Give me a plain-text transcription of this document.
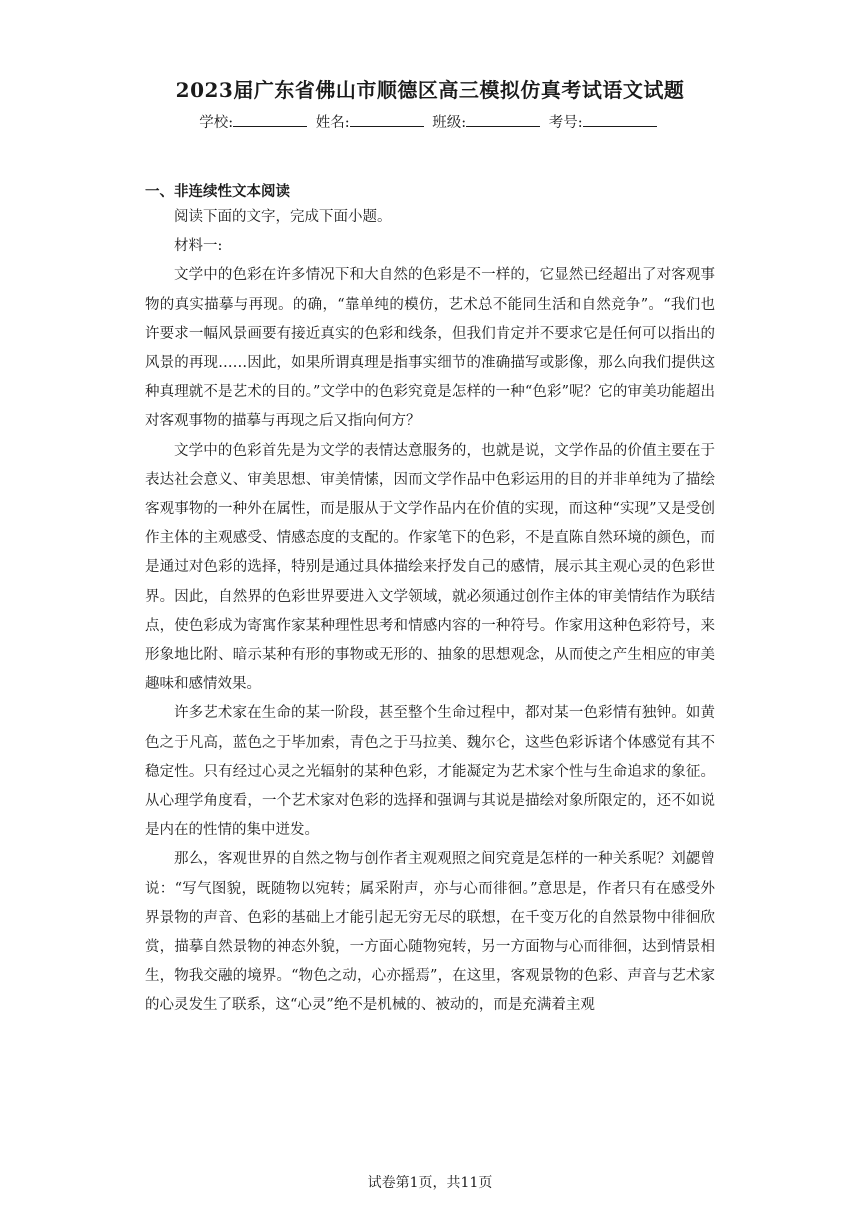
2023届广东省佛山市顺德区高三模拟仿真考试语文试题
学校:	姓名:	班级:	考号:
一、非连续性文本阅读

阅读下面的文字，完成下面小题。

材料一:

文学中的色彩在许多情况下和大自然的色彩是不一样的，它显然已经超出了对客观事物的真实描摹与再现。的确，“靠单纯的模仿，艺术总不能同生活和自然竞争”。“我们也许要求一幅风景画要有接近真实的色彩和线条，但我们肯定并不要求它是任何可以指出的风景的再现……因此，如果所谓真理是指事实细节的准确描写或影像，那么向我们提供这种真理就不是艺术的目的。”文学中的色彩究竟是怎样的一种“色彩”呢？它的审美功能超出对客观事物的描摹与再现之后又指向何方？

文学中的色彩首先是为文学的表情达意服务的，也就是说，文学作品的价值主要在于表达社会意义、审美思想、审美情愫，因而文学作品中色彩运用的目的并非单纯为了描绘客观事物的一种外在属性，而是服从于文学作品内在价值的实现，而这种“实现”又是受创作主体的主观感受、情感态度的支配的。作家笔下的色彩，不是直陈自然环境的颜色，而是通过对色彩的选择，特别是通过具体描绘来抒发自己的感情，展示其主观心灵的色彩世界。因此，自然界的色彩世界要进入文学领域，就必须通过创作主体的审美情结作为联结点，使色彩成为寄寓作家某种理性思考和情感内容的一种符号。作家用这种色彩符号，来形象地比附、暗示某种有形的事物或无形的、抽象的思想观念，从而使之产生相应的审美趣味和感情效果。

许多艺术家在生命的某一阶段，甚至整个生命过程中，都对某一色彩情有独钟。如黄色之于凡高，蓝色之于毕加索，青色之于马拉美、魏尔仑，这些色彩诉诸个体感觉有其不稳定性。只有经过心灵之光辐射的某种色彩，才能凝定为艺术家个性与生命追求的象征。从心理学角度看，一个艺术家对色彩的选择和强调与其说是描绘对象所限定的，还不如说是内在的性情的集中迸发。

那么，客观世界的自然之物与创作者主观观照之间究竟是怎样的一种关系呢？刘勰曾说：“写气图貌，既随物以宛转；属采附声，亦与心而徘徊。”意思是，作者只有在感受外界景物的声音、色彩的基础上才能引起无穷无尽的联想，在千变万化的自然景物中徘徊欣赏，描摹自然景物的神态外貌，一方面心随物宛转，另一方面物与心而徘徊，达到情景相生，物我交融的境界。“物色之动，心亦摇焉”，在这里，客观景物的色彩、声音与艺术家的心灵发生了联系，这“心灵”绝不是机械的、被动的，而是充满着主观

试卷第1页，共11页
